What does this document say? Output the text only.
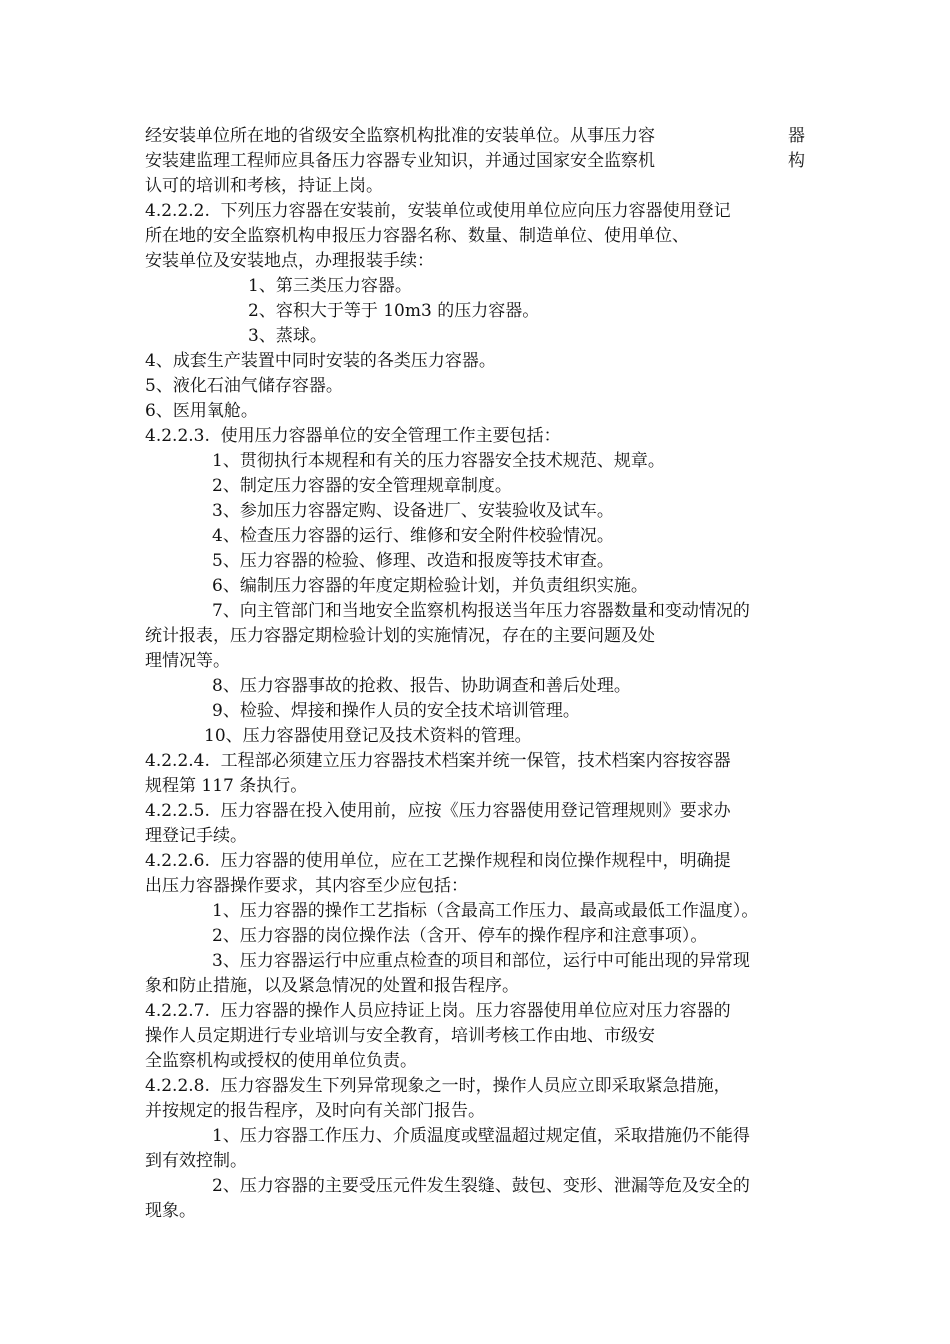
经安装单位所在地的省级安全监察机构批准的安装单位。从事压力容	器
安装建监理工程师应具备压力容器专业知识，并通过国家安全监察机	构
认可的培训和考核，持证上岗。
4.2.2.2.  下列压力容器在安装前，安装单位或使用单位应向压力容器使用登记
所在地的安全监察机构申报压力容器名称、数量、制造单位、使用单位、
安装单位及安装地点，办理报装手续：
1、第三类压力容器。
2、容积大于等于 10m3 的压力容器。
3、蒸球。
4、成套生产装置中同时安装的各类压力容器。
5、液化石油气储存容器。
6、医用氧舱。
4.2.2.3.  使用压力容器单位的安全管理工作主要包括：
1、贯彻执行本规程和有关的压力容器安全技术规范、规章。
2、制定压力容器的安全管理规章制度。
3、参加压力容器定购、设备进厂、安装验收及试车。
4、检查压力容器的运行、维修和安全附件校验情况。
5、压力容器的检验、修理、改造和报废等技术审查。
6、编制压力容器的年度定期检验计划，并负责组织实施。
7、向主管部门和当地安全监察机构报送当年压力容器数量和变动情况的
统计报表，压力容器定期检验计划的实施情况，存在的主要问题及处
理情况等。
8、压力容器事故的抢救、报告、协助调查和善后处理。
9、检验、焊接和操作人员的安全技术培训管理。
10、压力容器使用登记及技术资料的管理。
4.2.2.4.  工程部必须建立压力容器技术档案并统一保管，技术档案内容按容器
规程第 117 条执行。
4.2.2.5.  压力容器在投入使用前，应按《压力容器使用登记管理规则》要求办
理登记手续。
4.2.2.6.  压力容器的使用单位，应在工艺操作规程和岗位操作规程中，明确提
出压力容器操作要求，其内容至少应包括：
1、压力容器的操作工艺指标（含最高工作压力、最高或最低工作温度）。
2、压力容器的岗位操作法（含开、停车的操作程序和注意事项）。
3、压力容器运行中应重点检查的项目和部位，运行中可能出现的异常现
象和防止措施，以及紧急情况的处置和报告程序。
4.2.2.7.  压力容器的操作人员应持证上岗。压力容器使用单位应对压力容器的
操作人员定期进行专业培训与安全教育，培训考核工作由地、市级安
全监察机构或授权的使用单位负责。
4.2.2.8.  压力容器发生下列异常现象之一时，操作人员应立即采取紧急措施，
并按规定的报告程序，及时向有关部门报告。
1、压力容器工作压力、介质温度或壁温超过规定值，采取措施仍不能得
到有效控制。
2、压力容器的主要受压元件发生裂缝、鼓包、变形、泄漏等危及安全的
现象。
